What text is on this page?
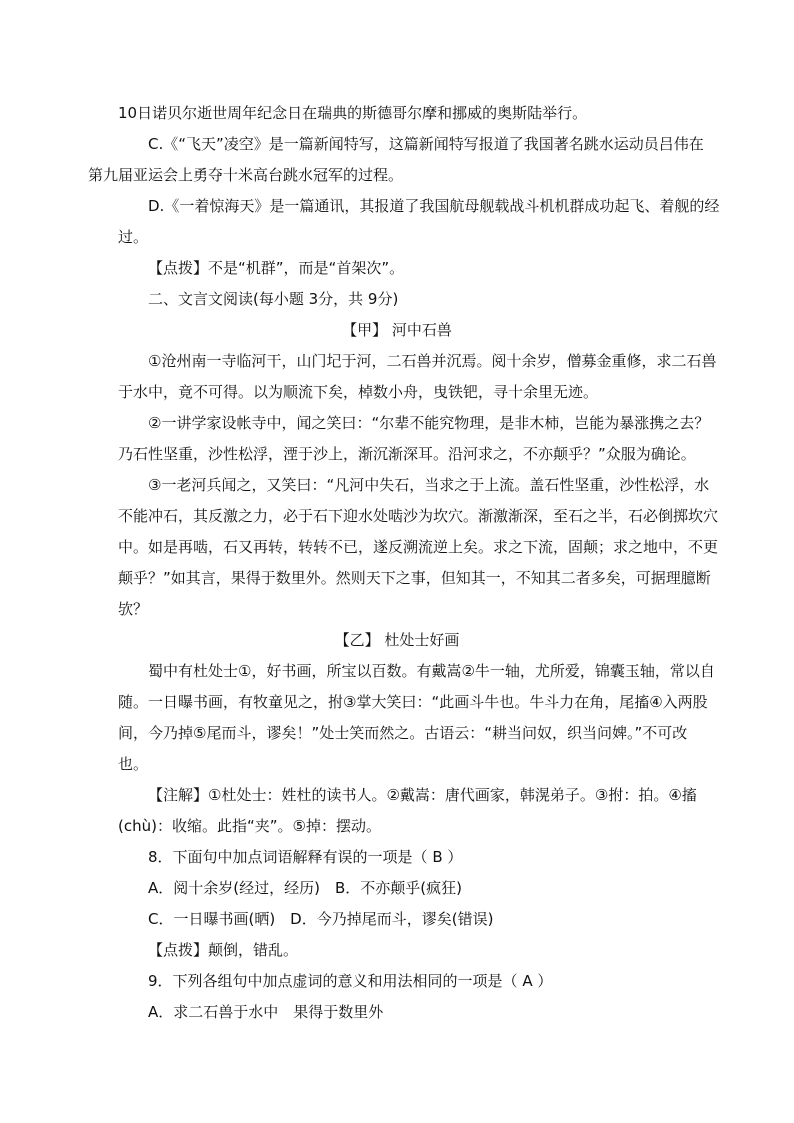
10日诺贝尔逝世周年纪念日在瑞典的斯德哥尔摩和挪威的奥斯陆举行。

C.《“飞天”凌空》是一篇新闻特写，这篇新闻特写报道了我国著名跳水运动员吕伟在
第九届亚运会上勇夺十米高台跳水冠军的过程。

D.《一着惊海天》是一篇通讯，其报道了我国航母舰载战斗机机群成功起飞、着舰的经
过。

【点拨】不是“机群”，而是“首架次”。

二、文言文阅读(每小题 3分，共 9分)

【甲】 河中石兽

①沧州南一寺临河干，山门圮于河，二石兽并沉焉。阅十余岁，僧募金重修，求二石兽
于水中，竟不可得。以为顺流下矣，棹数小舟，曳铁钯，寻十余里无迹。

②一讲学家设帐寺中，闻之笑曰：“尔辈不能究物理，是非木柿，岂能为暴涨携之去？
乃石性坚重，沙性松浮，湮于沙上，渐沉渐深耳。沿河求之，不亦颠乎？”众服为确论。

③一老河兵闻之，又笑曰：“凡河中失石，当求之于上流。盖石性坚重，沙性松浮，水
不能冲石，其反激之力，必于石下迎水处啮沙为坎穴。渐激渐深，至石之半，石必倒掷坎穴
中。如是再啮，石又再转，转转不已，遂反溯流逆上矣。求之下流，固颠；求之地中，不更
颠乎？”如其言，果得于数里外。然则天下之事，但知其一，不知其二者多矣，可据理臆断
欤？

【乙】 杜处士好画

蜀中有杜处士①，好书画，所宝以百数。有戴嵩②牛一轴，尤所爱，锦囊玉轴，常以自
随。一日曝书画，有牧童见之，拊③掌大笑曰：“此画斗牛也。牛斗力在角，尾搐④入两股
间，今乃掉⑤尾而斗，谬矣！”处士笑而然之。古语云：“耕当问奴，织当问婢。”不可改
也。

【注解】①杜处士：姓杜的读书人。②戴嵩：唐代画家，韩滉弟子。③拊：拍。④搐
(chù)：收缩。此指“夹”。⑤掉：摆动。

8．下面句中加点词语解释有误的一项是（ B ）
A．阅十余岁(经过，经历)　B．不亦颠乎(疯狂)
C．一日曝书画(晒)　D．今乃掉尾而斗，谬矣(错误)
【点拨】颠倒，错乱。

9．下列各组句中加点虚词的意义和用法相同的一项是（ A ）
A．求二石兽于水中　果得于数里外
